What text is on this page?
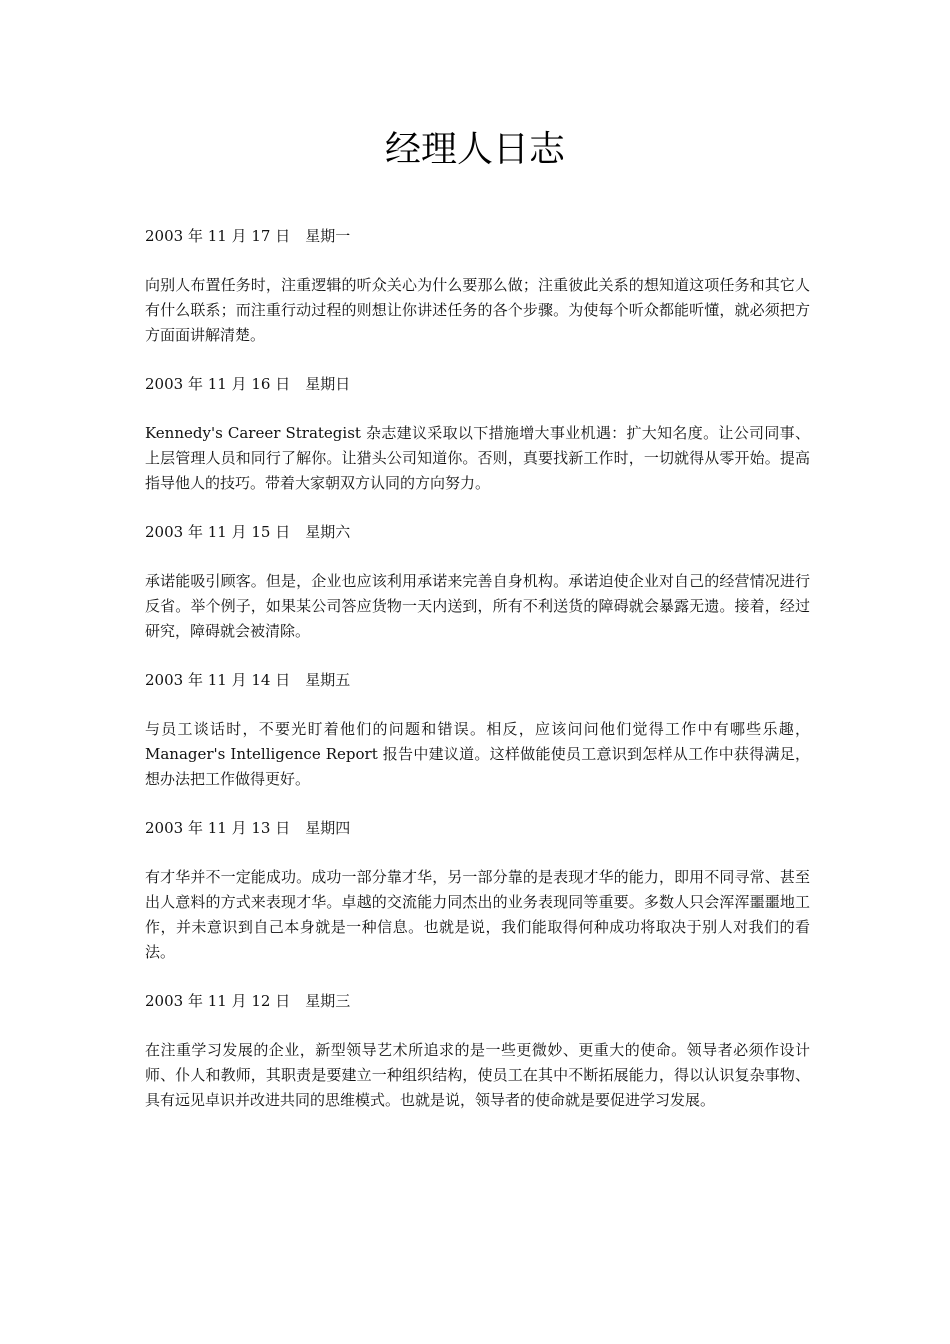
经理人日志

2003 年 11 月 17 日　星期一

向别人布置任务时，注重逻辑的听众关心为什么要那么做；注重彼此关系的想知道这项任务和其它人有什么联系；而注重行动过程的则想让你讲述任务的各个步骤。为使每个听众都能听懂，就必须把方方面面讲解清楚。

2003 年 11 月 16 日　星期日

Kennedy's Career Strategist 杂志建议采取以下措施增大事业机遇：扩大知名度。让公司同事、上层管理人员和同行了解你。让猎头公司知道你。否则，真要找新工作时，一切就得从零开始。提高指导他人的技巧。带着大家朝双方认同的方向努力。

2003 年 11 月 15 日　星期六

承诺能吸引顾客。但是，企业也应该利用承诺来完善自身机构。承诺迫使企业对自己的经营情况进行反省。举个例子，如果某公司答应货物一天内送到，所有不利送货的障碍就会暴露无遗。接着，经过研究，障碍就会被清除。

2003 年 11 月 14 日　星期五

与员工谈话时，不要光盯着他们的问题和错误。相反，应该问问他们觉得工作中有哪些乐趣，Manager's Intelligence Report 报告中建议道。这样做能使员工意识到怎样从工作中获得满足，想办法把工作做得更好。

2003 年 11 月 13 日　星期四

有才华并不一定能成功。成功一部分靠才华，另一部分靠的是表现才华的能力，即用不同寻常、甚至出人意料的方式来表现才华。卓越的交流能力同杰出的业务表现同等重要。多数人只会浑浑噩噩地工作，并未意识到自己本身就是一种信息。也就是说，我们能取得何种成功将取决于别人对我们的看法。

2003 年 11 月 12 日　星期三

在注重学习发展的企业，新型领导艺术所追求的是一些更微妙、更重大的使命。领导者必须作设计师、仆人和教师，其职责是要建立一种组织结构，使员工在其中不断拓展能力，得以认识复杂事物、具有远见卓识并改进共同的思维模式。也就是说，领导者的使命就是要促进学习发展。
